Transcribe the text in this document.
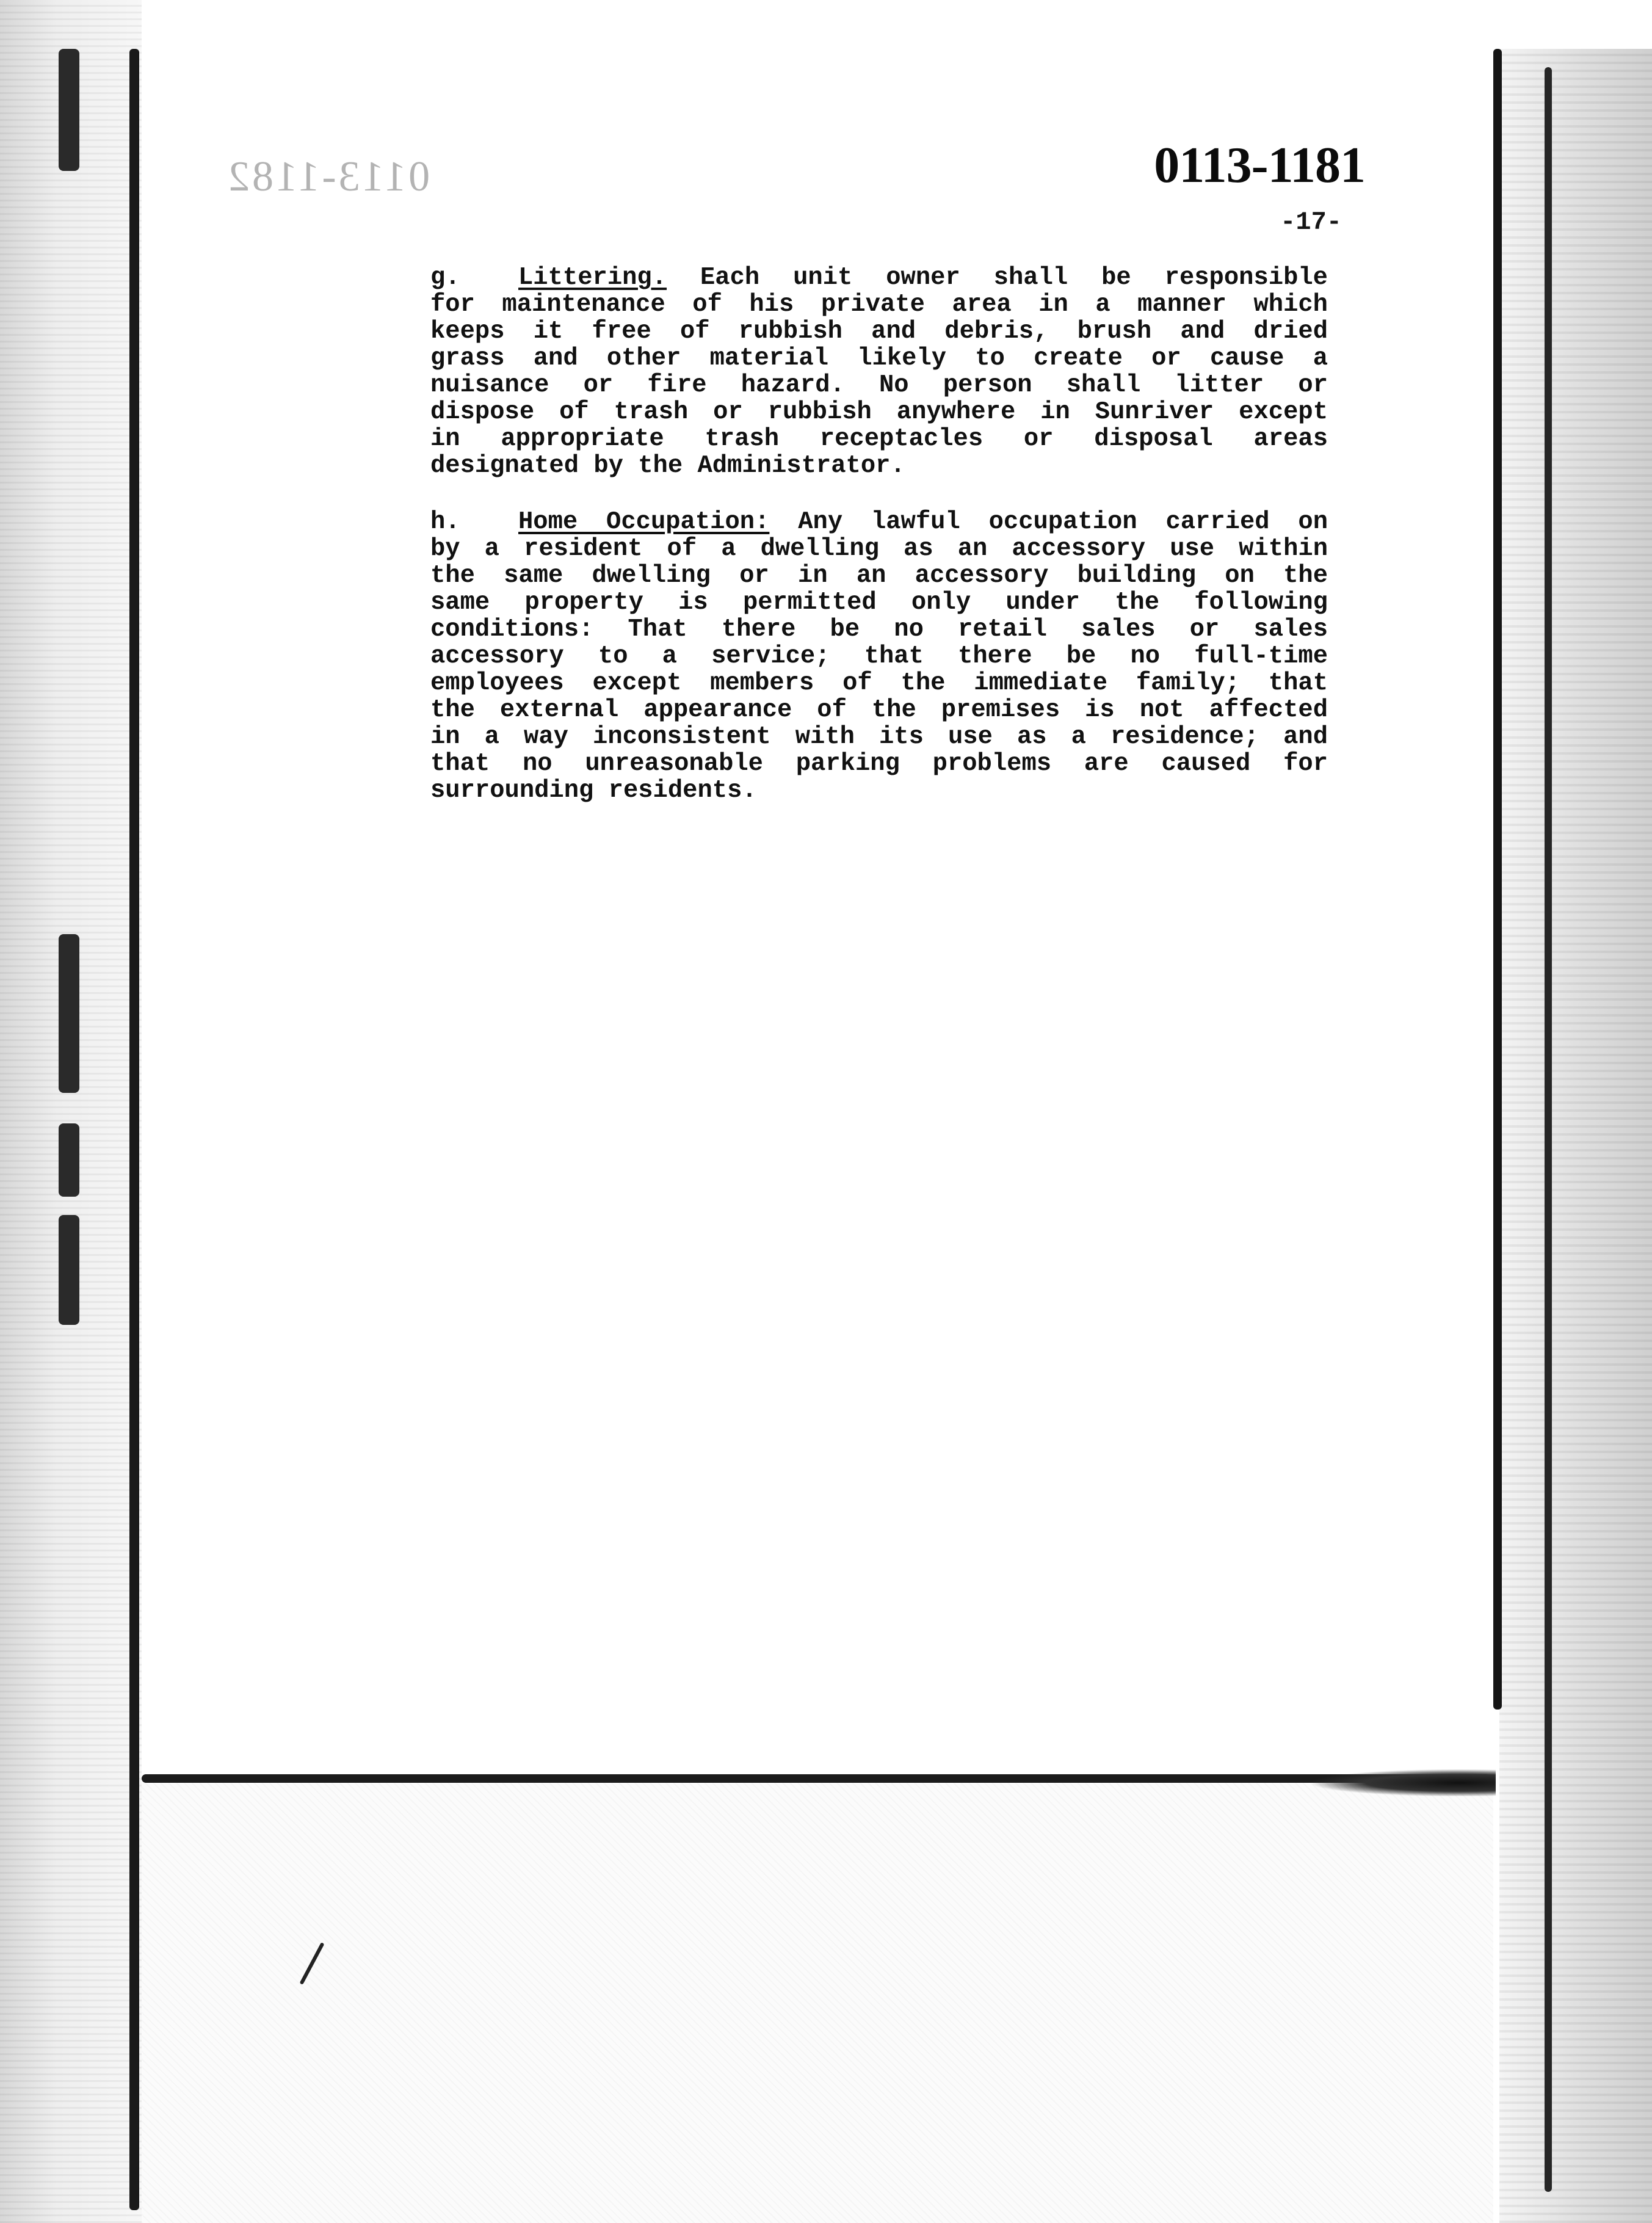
0113-1182	0113-1181
-17-
g. Littering. Each unit owner shall be responsible
for maintenance of his private area in a manner which
keeps it free of rubbish and debris, brush and dried
grass and other material likely to create or cause a
nuisance or fire hazard. No person shall litter or
dispose of trash or rubbish anywhere in Sunriver except
in appropriate trash receptacles or disposal areas
designated by the Administrator.
h. Home Occupation: Any lawful occupation carried on
by a resident of a dwelling as an accessory use within
the same dwelling or in an accessory building on the
same property is permitted only under the following
conditions: That there be no retail sales or sales
accessory to a service; that there be no full-time
employees except members of the immediate family; that
the external appearance of the premises is not affected
in a way inconsistent with its use as a residence; and
that no unreasonable parking problems are caused for
surrounding residents.
